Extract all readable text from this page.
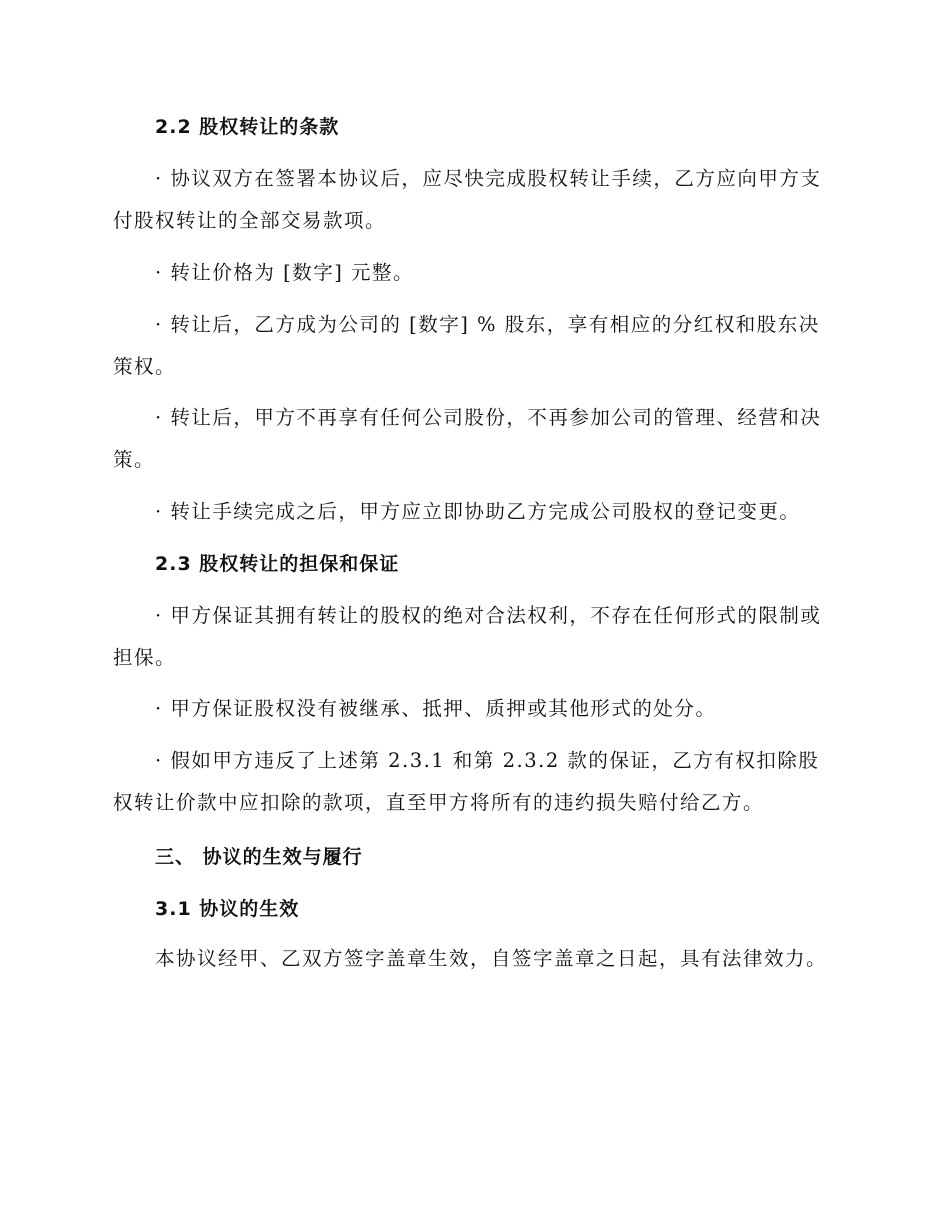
2.2 股权转让的条款

· 协议双方在签署本协议后，应尽快完成股权转让手续，乙方应向甲方支付股权转让的全部交易款项。

· 转让价格为 [数字] 元整。

· 转让后，乙方成为公司的 [数字] % 股东，享有相应的分红权和股东决策权。

· 转让后，甲方不再享有任何公司股份，不再参加公司的管理、经营和决策。

· 转让手续完成之后，甲方应立即协助乙方完成公司股权的登记变更。

2.3 股权转让的担保和保证

· 甲方保证其拥有转让的股权的绝对合法权利，不存在任何形式的限制或担保。

· 甲方保证股权没有被继承、抵押、质押或其他形式的处分。

· 假如甲方违反了上述第 2.3.1 和第 2.3.2 款的保证，乙方有权扣除股权转让价款中应扣除的款项，直至甲方将所有的违约损失赔付给乙方。

三、 协议的生效与履行
3.1 协议的生效

本协议经甲、乙双方签字盖章生效，自签字盖章之日起，具有法律效力。
